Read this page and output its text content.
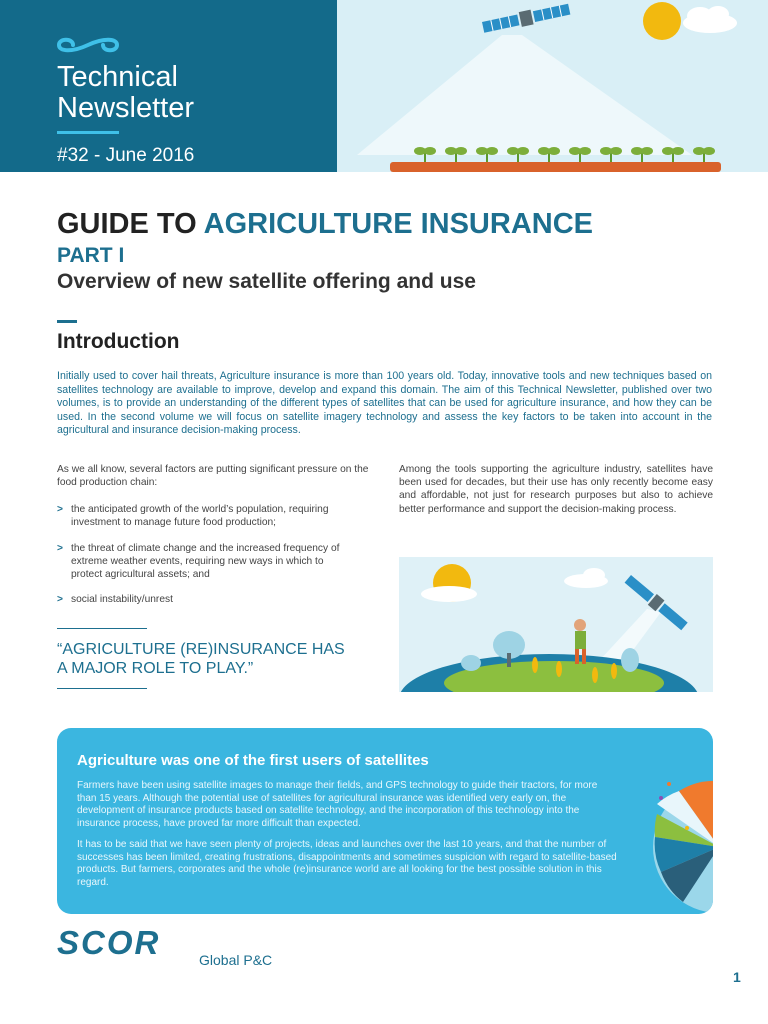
Technical
Newsletter
#32 - June 2016
GUIDE TO AGRICULTURE INSURANCE
PART I
Overview of new satellite offering and use
Introduction
Initially used to cover hail threats, Agriculture insurance is more than 100 years old. Today, innovative tools and new techniques based on satellites technology are available to improve, develop and expand this domain. The aim of this Technical Newsletter, published over two volumes, is to provide an understanding of the different types of satellites that can be used for agriculture insurance, and how they can be used. In the second volume we will focus on satellite imagery technology and assess the key factors to be taken into account in the agricultural and insurance decision-making process.
As we all know, several factors are putting significant pressure on the food production chain:
> the anticipated growth of the world’s population, requiring investment to manage future food production;
> the threat of climate change and the increased frequency of extreme weather events, requiring new ways in which to protect agricultural assets; and
> social instability/unrest
“AGRICULTURE (RE)INSURANCE HAS A MAJOR ROLE TO PLAY.”
Among the tools supporting the agriculture industry, satellites have been used for decades, but their use has only recently become easy and affordable, not just for research purposes but also to achieve better performance and support the decision-making process.
Agriculture was one of the first users of satellites
Farmers have been using satellite images to manage their fields, and GPS technology to guide their tractors, for more than 15 years. Although the potential use of satellites for agricultural insurance was identified very early on, the development of insurance products based on satellite technology, and the incorporation of this technology into the insurance process, have proved far more difficult than expected.
It has to be said that we have seen plenty of projects, ideas and launches over the last 10 years, and that the number of successes has been limited, creating frustrations, disappointments and sometimes suspicion with regard to satellite-based products. But farmers, corporates and the whole (re)insurance world are all looking for the best possible solution in this regard.
SCOR	Global P&C
1
